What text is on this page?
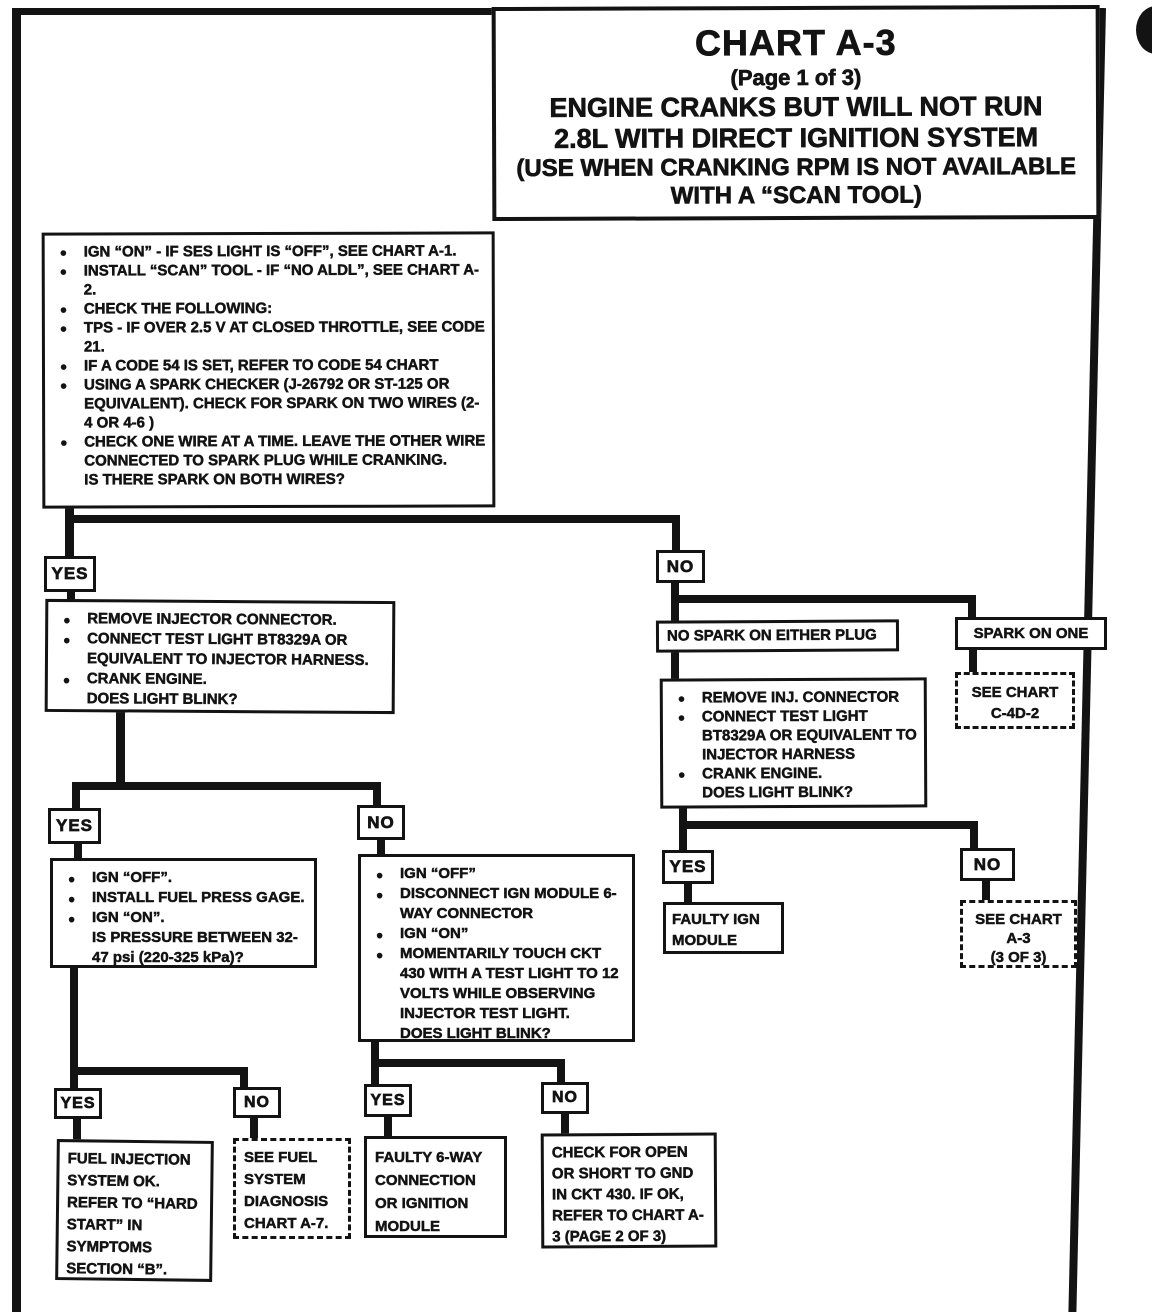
CHART A-3
(Page 1 of 3)
ENGINE CRANKS BUT WILL NOT RUN
2.8L WITH DIRECT IGNITION SYSTEM
(USE WHEN CRANKING RPM IS NOT AVAILABLE
WITH A “SCAN TOOL)
● IGN “ON” - IF SES LIGHT IS “OFF”, SEE CHART A-1.
● INSTALL “SCAN” TOOL - IF “NO ALDL”, SEE CHART A-2.
● CHECK THE FOLLOWING:
● TPS - IF OVER 2.5 V AT CLOSED THROTTLE, SEE CODE 21.
● IF A CODE 54 IS SET, REFER TO CODE 54 CHART
● USING A SPARK CHECKER (J-26792 OR ST-125 OR EQUIVALENT). CHECK FOR SPARK ON TWO WIRES (2-4 OR 4-6 )
● CHECK ONE WIRE AT A TIME. LEAVE THE OTHER WIRE CONNECTED TO SPARK PLUG WHILE CRANKING.
IS THERE SPARK ON BOTH WIRES?
YES	NO
● REMOVE INJECTOR CONNECTOR.
● CONNECT TEST LIGHT BT8329A OR EQUIVALENT TO INJECTOR HARNESS.
● CRANK ENGINE.
DOES LIGHT BLINK?
NO SPARK ON EITHER PLUG	SPARK ON ONE
SEE CHART
C-4D-2
● REMOVE INJ. CONNECTOR
● CONNECT TEST LIGHT BT8329A OR EQUIVALENT TO INJECTOR HARNESS
● CRANK ENGINE.
DOES LIGHT BLINK?
YES	NO
YES	NO
● IGN “OFF”.
● INSTALL FUEL PRESS GAGE.
● IGN “ON”.
IS PRESSURE BETWEEN 32-47 psi (220-325 kPa)?
● IGN “OFF”
● DISCONNECT IGN MODULE 6-WAY CONNECTOR
● IGN “ON”
● MOMENTARILY TOUCH CKT 430 WITH A TEST LIGHT TO 12 VOLTS WHILE OBSERVING INJECTOR TEST LIGHT.
DOES LIGHT BLINK?
FAULTY IGN MODULE
SEE CHART
A-3
(3 OF 3)
YES	NO	YES	NO
FUEL INJECTION SYSTEM OK. REFER TO “HARD START” IN SYMPTOMS SECTION “B”.
SEE FUEL SYSTEM DIAGNOSIS CHART A-7.
FAULTY 6-WAY CONNECTION OR IGNITION MODULE
CHECK FOR OPEN OR SHORT TO GND IN CKT 430. IF OK, REFER TO CHART A-3 (PAGE 2 OF 3)
